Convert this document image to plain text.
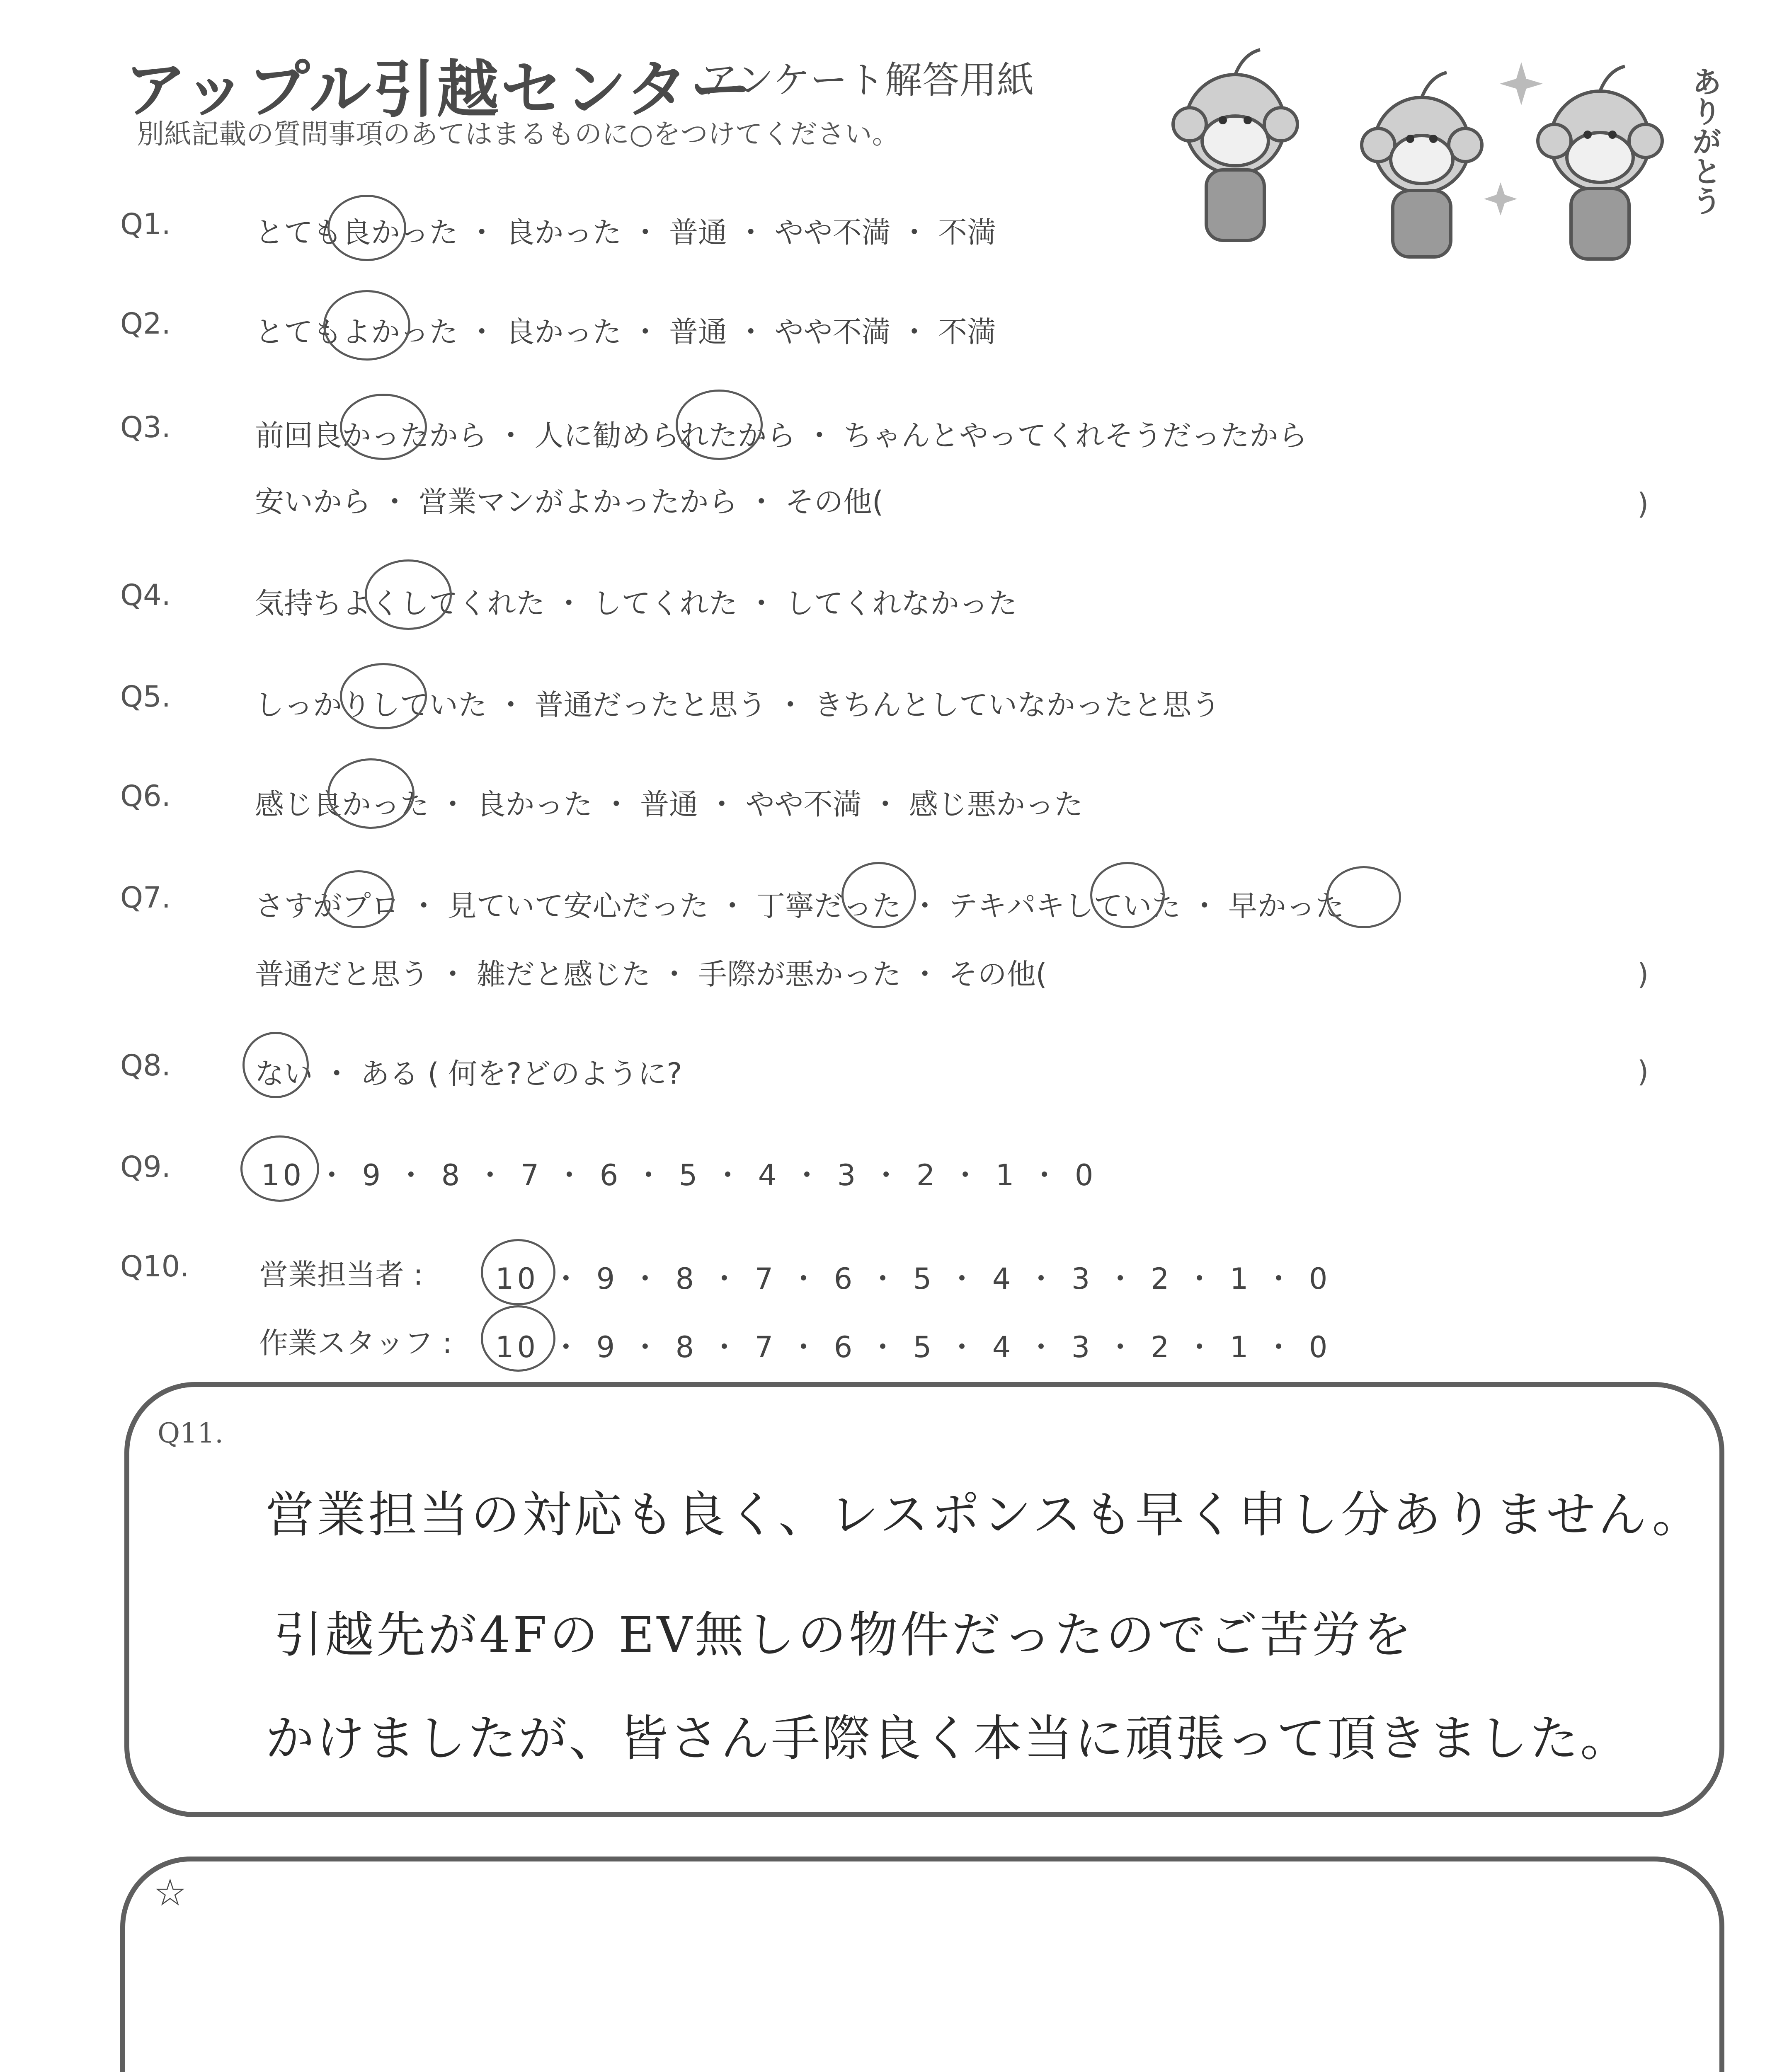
アップル引越センター
アンケート解答用紙
別紙記載の質問事項のあてはまるものに○をつけてください。	ありがとう
Q1.	とても良かった ・ 良かった ・ 普通 ・ やや不満 ・ 不満
Q2.	とてもよかった ・ 良かった ・ 普通 ・ やや不満 ・ 不満
Q3.	前回良かったから ・ 人に勧められたから ・ ちゃんとやってくれそうだったから
安いから ・ 営業マンがよかったから ・ その他(	)
Q4.	気持ちよくしてくれた ・ してくれた ・ してくれなかった
Q5.	しっかりしていた ・ 普通だったと思う ・ きちんとしていなかったと思う
Q6.	感じ良かった ・ 良かった ・ 普通 ・ やや不満 ・ 感じ悪かった
Q7.	さすがプロ ・ 見ていて安心だった ・ 丁寧だった ・ テキパキしていた ・ 早かった
普通だと思う ・ 雑だと感じた ・ 手際が悪かった ・ その他(	)
Q8.	ない ・ ある ( 何を?どのように?	)
Q9.	10 ・ 9 ・ 8 ・ 7 ・ 6 ・ 5 ・ 4 ・ 3 ・ 2 ・ 1 ・ 0
Q10. 営業担当者 : 10 ・ 9 ・ 8 ・ 7 ・ 6 ・ 5 ・ 4 ・ 3 ・ 2 ・ 1 ・ 0
作業スタッフ : 10 ・ 9 ・ 8 ・ 7 ・ 6 ・ 5 ・ 4 ・ 3 ・ 2 ・ 1 ・ 0
Q11.
営業担当の対応も良く、レスポンスも早く申し分ありません。
引越先が4Fの EV無しの物件だったのでご苦労を
かけましたが、皆さん手際良く本当に頑張って頂きました。
☆
